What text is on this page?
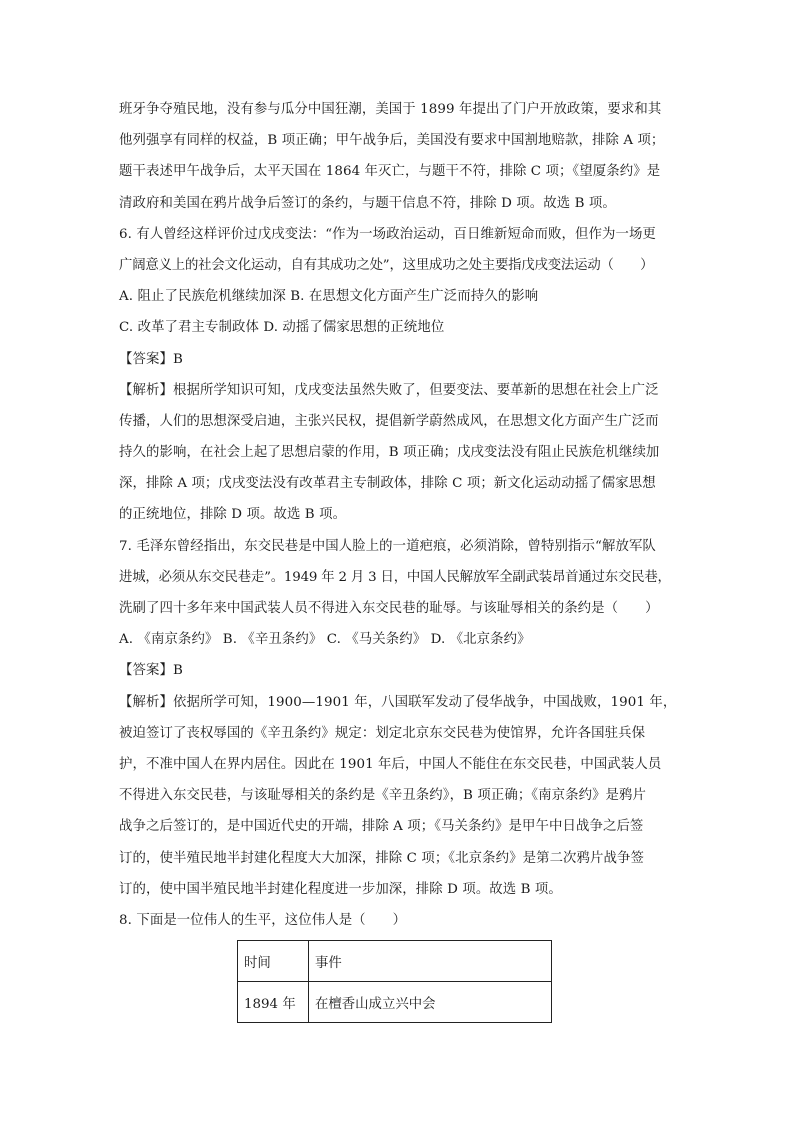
班牙争夺殖民地，没有参与瓜分中国狂潮，美国于 1899 年提出了门户开放政策，要求和其
他列强享有同样的权益，B 项正确；甲午战争后，美国没有要求中国割地赔款，排除 A 项；
题干表述甲午战争后，太平天国在 1864 年灭亡，与题干不符，排除 C 项；《望厦条约》是
清政府和美国在鸦片战争后签订的条约，与题干信息不符，排除 D 项。故选 B 项。
6. 有人曾经这样评价过戊戌变法：“作为一场政治运动，百日维新短命而败，但作为一场更
广阔意义上的社会文化运动，自有其成功之处”，这里成功之处主要指戊戌变法运动（　　）
A. 阻止了民族危机继续加深 B. 在思想文化方面产生广泛而持久的影响
C. 改革了君主专制政体 D. 动摇了儒家思想的正统地位
【答案】B
【解析】根据所学知识可知，戊戌变法虽然失败了，但要变法、要革新的思想在社会上广泛
传播，人们的思想深受启迪，主张兴民权，提倡新学蔚然成风，在思想文化方面产生广泛而
持久的影响，在社会上起了思想启蒙的作用，B 项正确；戊戌变法没有阻止民族危机继续加
深，排除 A 项；戊戌变法没有改革君主专制政体，排除 C 项；新文化运动动摇了儒家思想
的正统地位，排除 D 项。故选 B 项。
7. 毛泽东曾经指出，东交民巷是中国人脸上的一道疤痕，必须消除，曾特别指示“解放军队
进城，必须从东交民巷走”。1949 年 2 月 3 日，中国人民解放军全副武装昂首通过东交民巷，
洗刷了四十多年来中国武装人员不得进入东交民巷的耻辱。与该耻辱相关的条约是（　　）
A. 《南京条约》 B. 《辛丑条约》 C. 《马关条约》 D. 《北京条约》
【答案】B
【解析】依据所学可知，1900—1901 年，八国联军发动了侵华战争，中国战败，1901 年，
被迫签订了丧权辱国的《辛丑条约》规定：划定北京东交民巷为使馆界，允许各国驻兵保
护，不准中国人在界内居住。因此在 1901 年后，中国人不能住在东交民巷，中国武装人员
不得进入东交民巷，与该耻辱相关的条约是《辛丑条约》，B 项正确；《南京条约》是鸦片
战争之后签订的，是中国近代史的开端，排除 A 项；《马关条约》是甲午中日战争之后签
订的，使半殖民地半封建化程度大大加深，排除 C 项；《北京条约》是第二次鸦片战争签
订的，使中国半殖民地半封建化程度进一步加深，排除 D 项。故选 B 项。
8. 下面是一位伟人的生平，这位伟人是（　　）
时间	事件
1894 年	在檀香山成立兴中会
